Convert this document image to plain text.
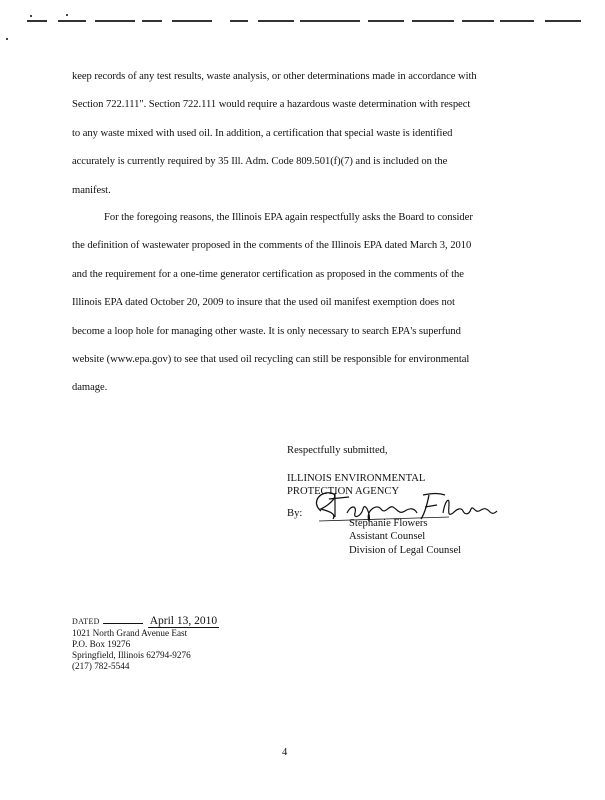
keep records of any test results, waste analysis, or other determinations made in accordance with
Section 722.111". Section 722.111 would require a hazardous waste determination with respect
to any waste mixed with used oil. In addition, a certification that special waste is identified
accurately is currently required by 35 Ill. Adm. Code 809.501(f)(7) and is included on the
manifest.
For the foregoing reasons, the Illinois EPA again respectfully asks the Board to consider
the definition of wastewater proposed in the comments of the Illinois EPA dated March 3, 2010
and the requirement for a one-time generator certification as proposed in the comments of the
Illinois EPA dated October 20, 2009 to insure that the used oil manifest exemption does not
become a loop hole for managing other waste. It is only necessary to search EPA's superfund
website (www.epa.gov) to see that used oil recycling can still be responsible for environmental
damage.
Respectfully submitted,
ILLINOIS ENVIRONMENTAL
PROTECTION AGENCY
By:
Stephanie Flowers
Assistant Counsel
Division of Legal Counsel
DATED	April 13, 2010
1021 North Grand Avenue East
P.O. Box 19276
Springfield, Illinois 62794-9276
(217) 782-5544
4
